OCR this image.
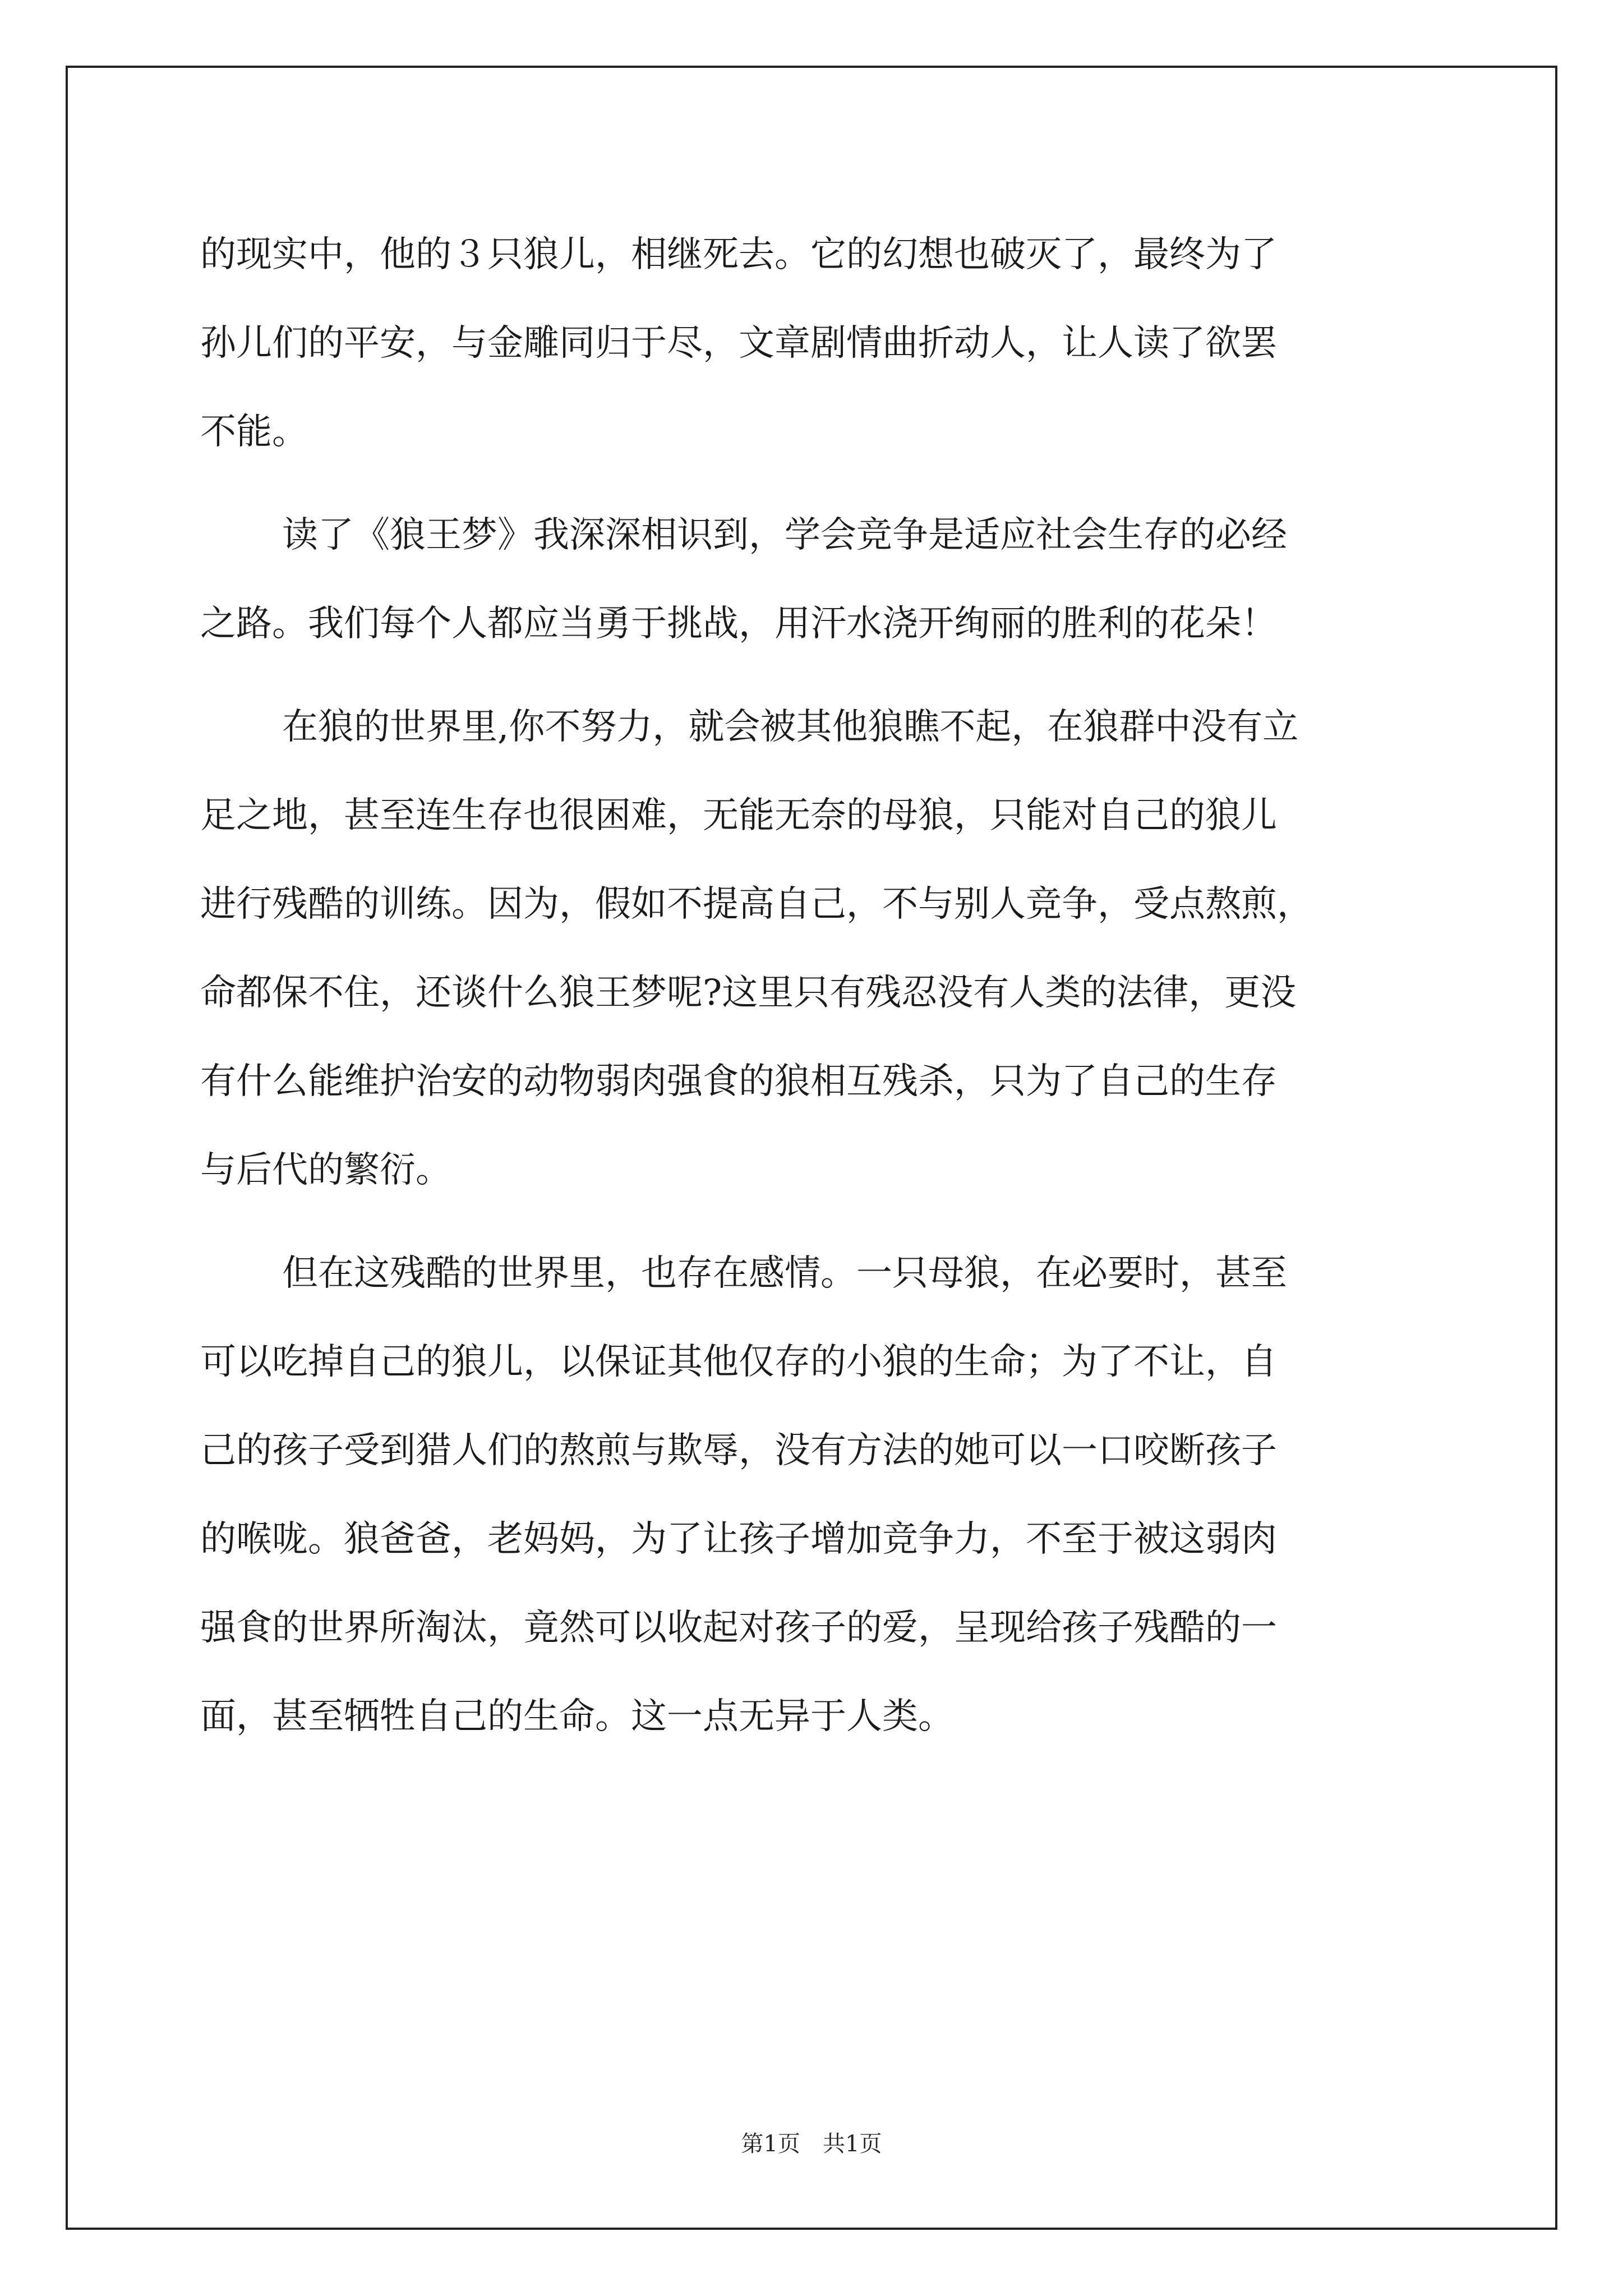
的现实中，他的３只狼儿，相继死去。它的幻想也破灭了，最终为了
孙儿们的平安，与金雕同归于尽，文章剧情曲折动人，让人读了欲罢
不能。
读了《狼王梦》我深深相识到，学会竞争是适应社会生存的必经
之路。我们每个人都应当勇于挑战，用汗水浇开绚丽的胜利的花朵！
在狼的世界里,你不努力，就会被其他狼瞧不起，在狼群中没有立
足之地，甚至连生存也很困难，无能无奈的母狼，只能对自己的狼儿
进行残酷的训练。因为，假如不提高自己，不与别人竞争，受点熬煎，
命都保不住，还谈什么狼王梦呢?这里只有残忍没有人类的法律，更没
有什么能维护治安的动物弱肉强食的狼相互残杀，只为了自己的生存
与后代的繁衍。
但在这残酷的世界里，也存在感情。一只母狼，在必要时，甚至
可以吃掉自己的狼儿，以保证其他仅存的小狼的生命；为了不让，自
己的孩子受到猎人们的熬煎与欺辱，没有方法的她可以一口咬断孩子
的喉咙。狼爸爸，老妈妈，为了让孩子增加竞争力，不至于被这弱肉
强食的世界所淘汰，竟然可以收起对孩子的爱，呈现给孩子残酷的一
面，甚至牺牲自己的生命。这一点无异于人类。
第1页　共1页
